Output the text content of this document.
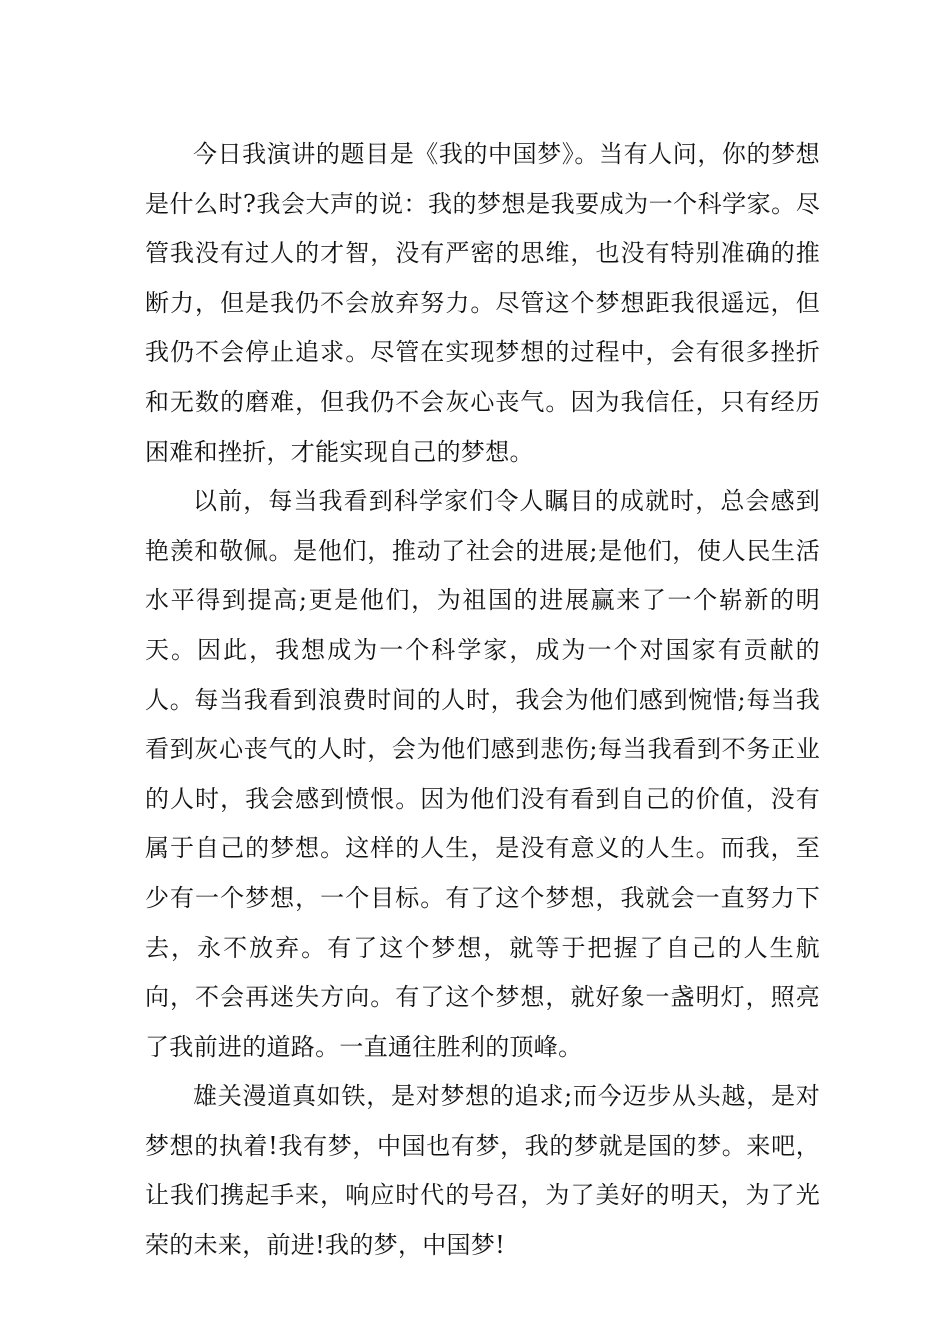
今日我演讲的题目是《我的中国梦》。当有人问，你的梦想是什么时?我会大声的说：我的梦想是我要成为一个科学家。尽管我没有过人的才智，没有严密的思维，也没有特别准确的推断力，但是我仍不会放弃努力。尽管这个梦想距我很遥远，但我仍不会停止追求。尽管在实现梦想的过程中，会有很多挫折和无数的磨难，但我仍不会灰心丧气。因为我信任，只有经历困难和挫折，才能实现自己的梦想。

以前，每当我看到科学家们令人瞩目的成就时，总会感到艳羡和敬佩。是他们，推动了社会的进展;是他们，使人民生活水平得到提高;更是他们，为祖国的进展赢来了一个崭新的明天。因此，我想成为一个科学家，成为一个对国家有贡献的人。每当我看到浪费时间的人时，我会为他们感到惋惜;每当我看到灰心丧气的人时，会为他们感到悲伤;每当我看到不务正业的人时，我会感到愤恨。因为他们没有看到自己的价值，没有属于自己的梦想。这样的人生，是没有意义的人生。而我，至少有一个梦想，一个目标。有了这个梦想，我就会一直努力下去，永不放弃。有了这个梦想，就等于把握了自己的人生航向，不会再迷失方向。有了这个梦想，就好象一盏明灯，照亮了我前进的道路。一直通往胜利的顶峰。

雄关漫道真如铁，是对梦想的追求;而今迈步从头越，是对梦想的执着!我有梦，中国也有梦，我的梦就是国的梦。来吧，让我们携起手来，响应时代的号召，为了美好的明天，为了光荣的未来，前进!我的梦，中国梦!
